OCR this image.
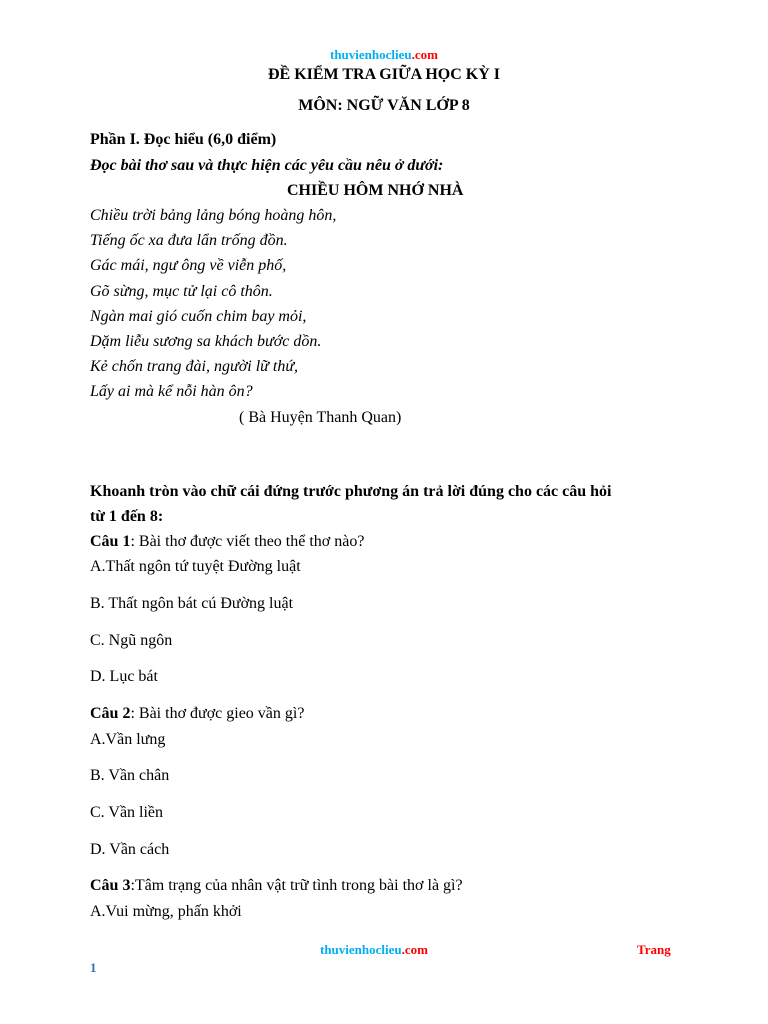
thuvienhoclieu.com
ĐỀ KIỂM TRA GIỮA HỌC KỲ I
MÔN: NGỮ VĂN LỚP 8
Phần I. Đọc hiểu (6,0 điểm)
Đọc bài thơ sau và thực hiện các yêu cầu nêu ở dưới:
CHIỀU HÔM NHỚ NHÀ
Chiều trời bảng lảng bóng hoàng hôn,
Tiếng ốc xa đưa lẩn trống đồn.
Gác mái, ngư ông về viễn phố,
Gõ sừng, mục tử lại cô thôn.
Ngàn mai gió cuốn chim bay mỏi,
Dặm liễu sương sa khách bước dồn.
Kẻ chốn trang đài, người lữ thứ,
Lấy ai mà kể nỗi hàn ôn?
( Bà Huyện Thanh Quan)
Khoanh tròn vào chữ cái đứng trước phương án trả lời đúng cho các câu hỏi
từ 1 đến 8:
Câu 1: Bài thơ được viết theo thể thơ nào?
A.Thất ngôn tứ tuyệt Đường luật
B. Thất ngôn bát cú Đường luật
C. Ngũ ngôn
D. Lục bát
Câu 2: Bài thơ được gieo vần gì?
A.Vần lưng
B. Vần chân
C. Vần liền
D. Vần cách
Câu 3:Tâm trạng của nhân vật trữ tình trong bài thơ là gì?
A.Vui mừng, phấn khởi
thuvienhoclieu.com	Trang
1
